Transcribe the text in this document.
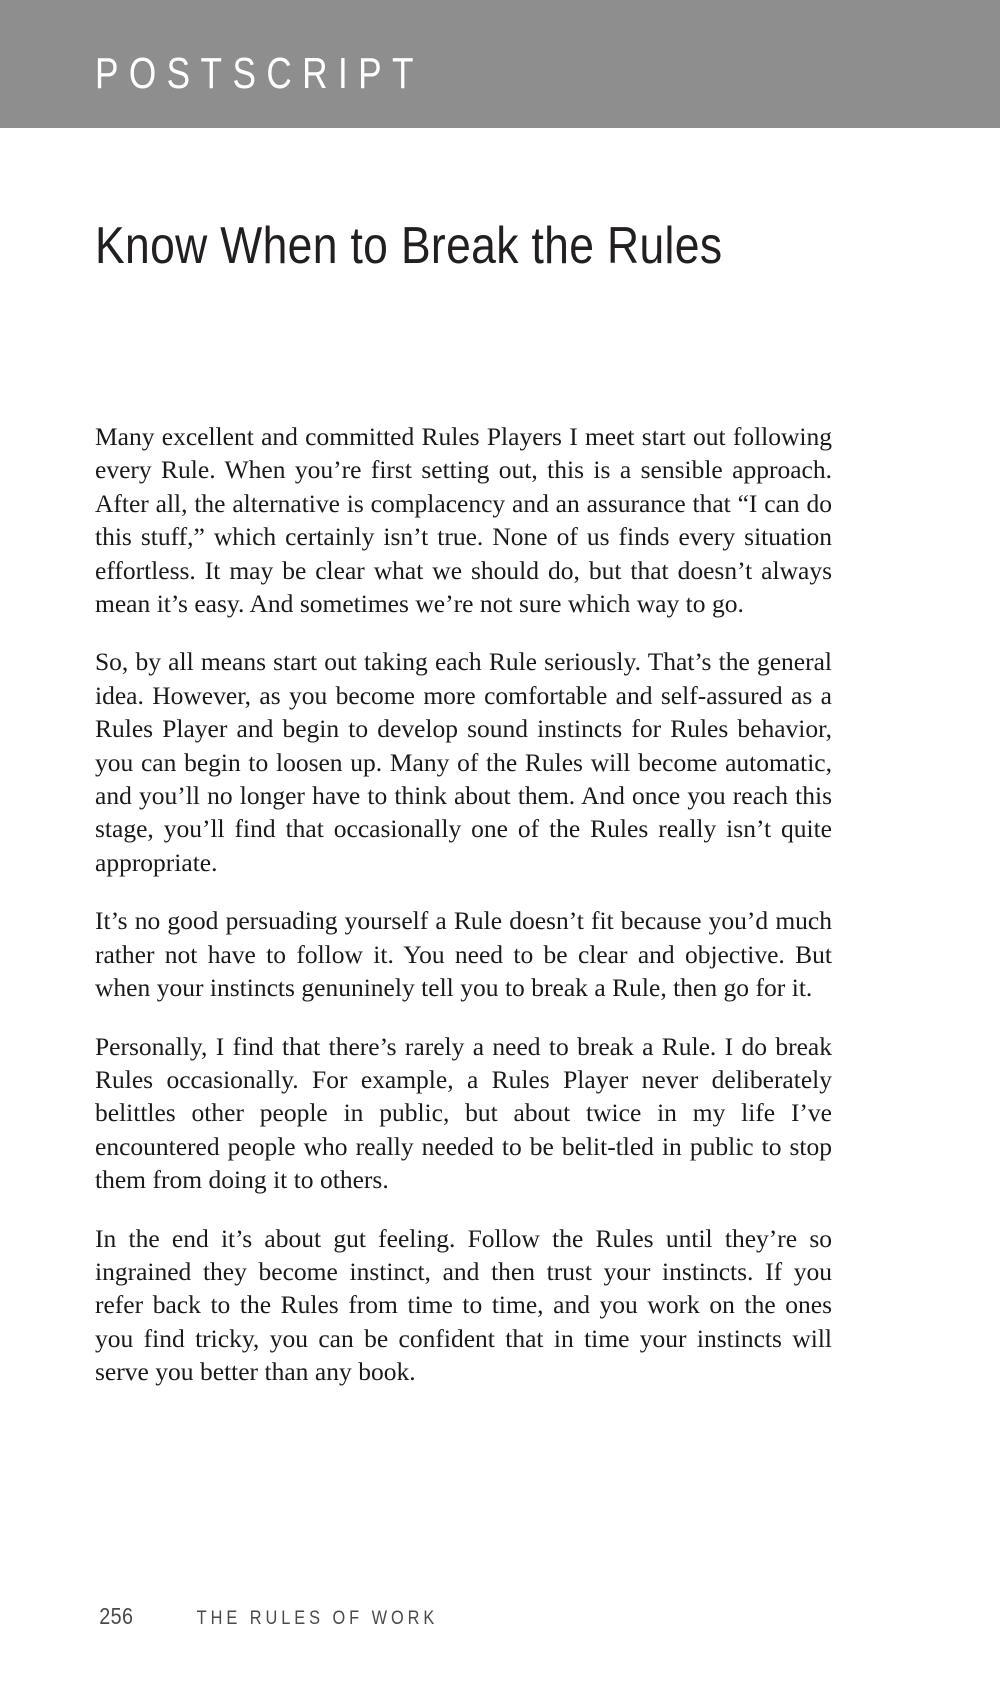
POSTSCRIPT
Know When to Break the Rules

Many excellent and committed Rules Players I meet start out following every Rule. When you’re first setting out, this is a sensible approach. After all, the alternative is complacency and an assurance that “I can do this stuff,” which certainly isn’t true. None of us finds every situation effortless. It may be clear what we should do, but that doesn’t always mean it’s easy. And sometimes we’re not sure which way to go.

So, by all means start out taking each Rule seriously. That’s the general idea. However, as you become more comfortable and self-assured as a Rules Player and begin to develop sound instincts for Rules behavior, you can begin to loosen up. Many of the Rules will become automatic, and you’ll no longer have to think about them. And once you reach this stage, you’ll find that occasionally one of the Rules really isn’t quite appropriate.

It’s no good persuading yourself a Rule doesn’t fit because you’d much rather not have to follow it. You need to be clear and objective. But when your instincts genuninely tell you to break a Rule, then go for it.

Personally, I find that there’s rarely a need to break a Rule. I do break Rules occasionally. For example, a Rules Player never deliberately belittles other people in public, but about twice in my life I’ve encountered people who really needed to be belit‐tled in public to stop them from doing it to others.

In the end it’s about gut feeling. Follow the Rules until they’re so ingrained they become instinct, and then trust your instincts. If you refer back to the Rules from time to time, and you work on the ones you find tricky, you can be confident that in time your instincts will serve you better than any book.

256	THE RULES OF WORK
